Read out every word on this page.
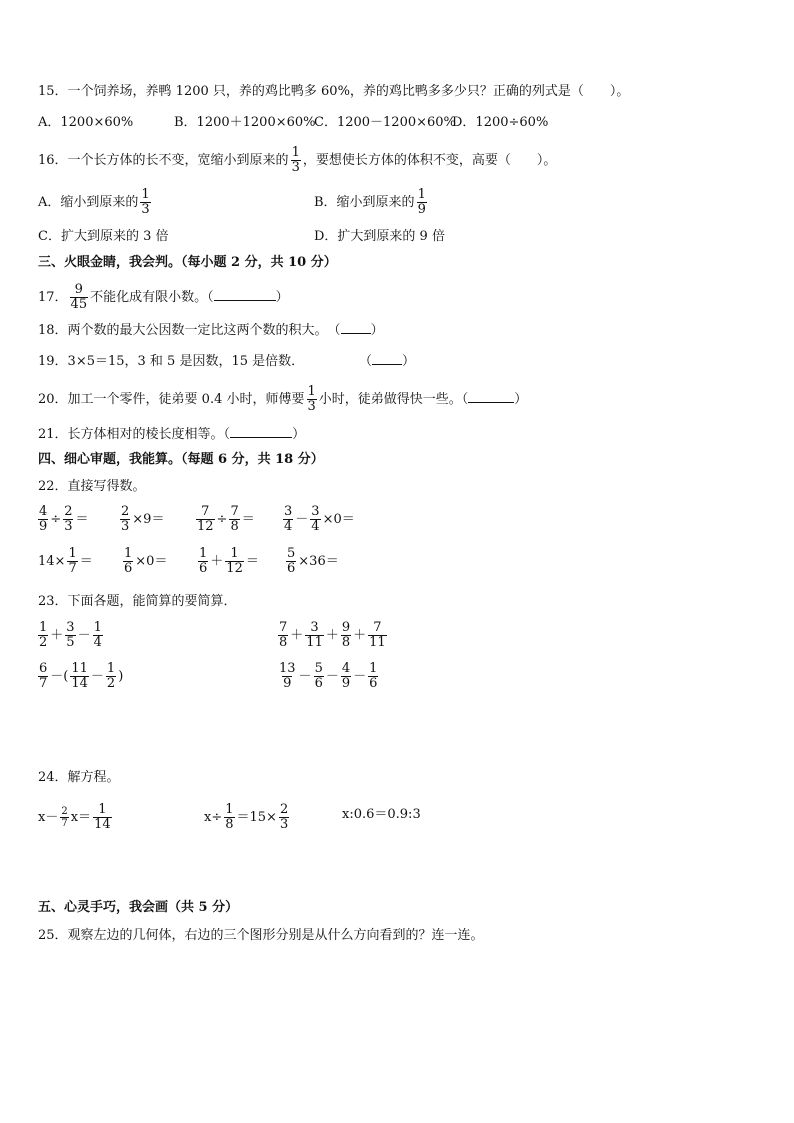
15．一个饲养场，养鸭 1200 只，养的鸡比鸭多 60%，养的鸡比鸭多多少只？正确的列式是（　　）。
A．1200×60%	B．1200＋1200×60%
C．1200－1200×60%
D．1200÷60%
16．一个长方体的长不变，宽缩小到原来的 $\frac{1}{3}$ ，要想使长方体的体积不变，高要（　　）。
A．缩小到原来的 $\frac{1}{3}$	B．缩小到原来的 $\frac{1}{9}$
C．扩大到原来的 3 倍	D．扩大到原来的 9 倍
三、火眼金睛，我会判。（每小题 2 分，共 10 分）
17． $\frac{9}{45}$ 不能化成有限小数。（	）
18．两个数的最大公因数一定比这两个数的积大。　（ ）
19．3×5＝15，3 和 5 是因数，15 是倍数．	（ ）
20．加工一个零件，徒弟要 0.4 小时，师傅要 $\frac{1}{3}$ 小时，徒弟做得快一些。（	）
21．长方体相对的棱长度相等。（	）
四、细心审题，我能算。（每题 6 分，共 18 分）
22．直接写得数。
$\frac{4}{9} \div \frac{2}{3} = \frac{2}{3} \times 9= \frac{7}{12} \div \frac{7}{8} = \frac{3}{4} - \frac{3}{4} \times 0=$
$14\times \frac{1}{7} = \frac{1}{6} \times 0= \frac{1}{6} + \frac{1}{12} = \frac{5}{6} \times 36=$
23．下面各题，能简算的要简算．
$\frac{1}{2} + \frac{3}{5} - \frac{1}{4}$	$\frac{7}{8} + \frac{3}{11} + \frac{9}{8} + \frac{7}{11}$
$\frac{6}{7}$ －( $\frac{11}{14} - \frac{1}{2}$ )	$\frac{13}{9} - \frac{5}{6} - \frac{4}{9} - \frac{1}{6}$
24．解方程。
$x- \frac{2}{7} x= \frac{1}{14}$	$x\div \frac{1}{8} =15\times \frac{2}{3}$	x:0.6＝0.9:3
五、心灵手巧，我会画（共 5 分）
25．观察左边的几何体，右边的三个图形分别是从什么方向看到的？连一连。
